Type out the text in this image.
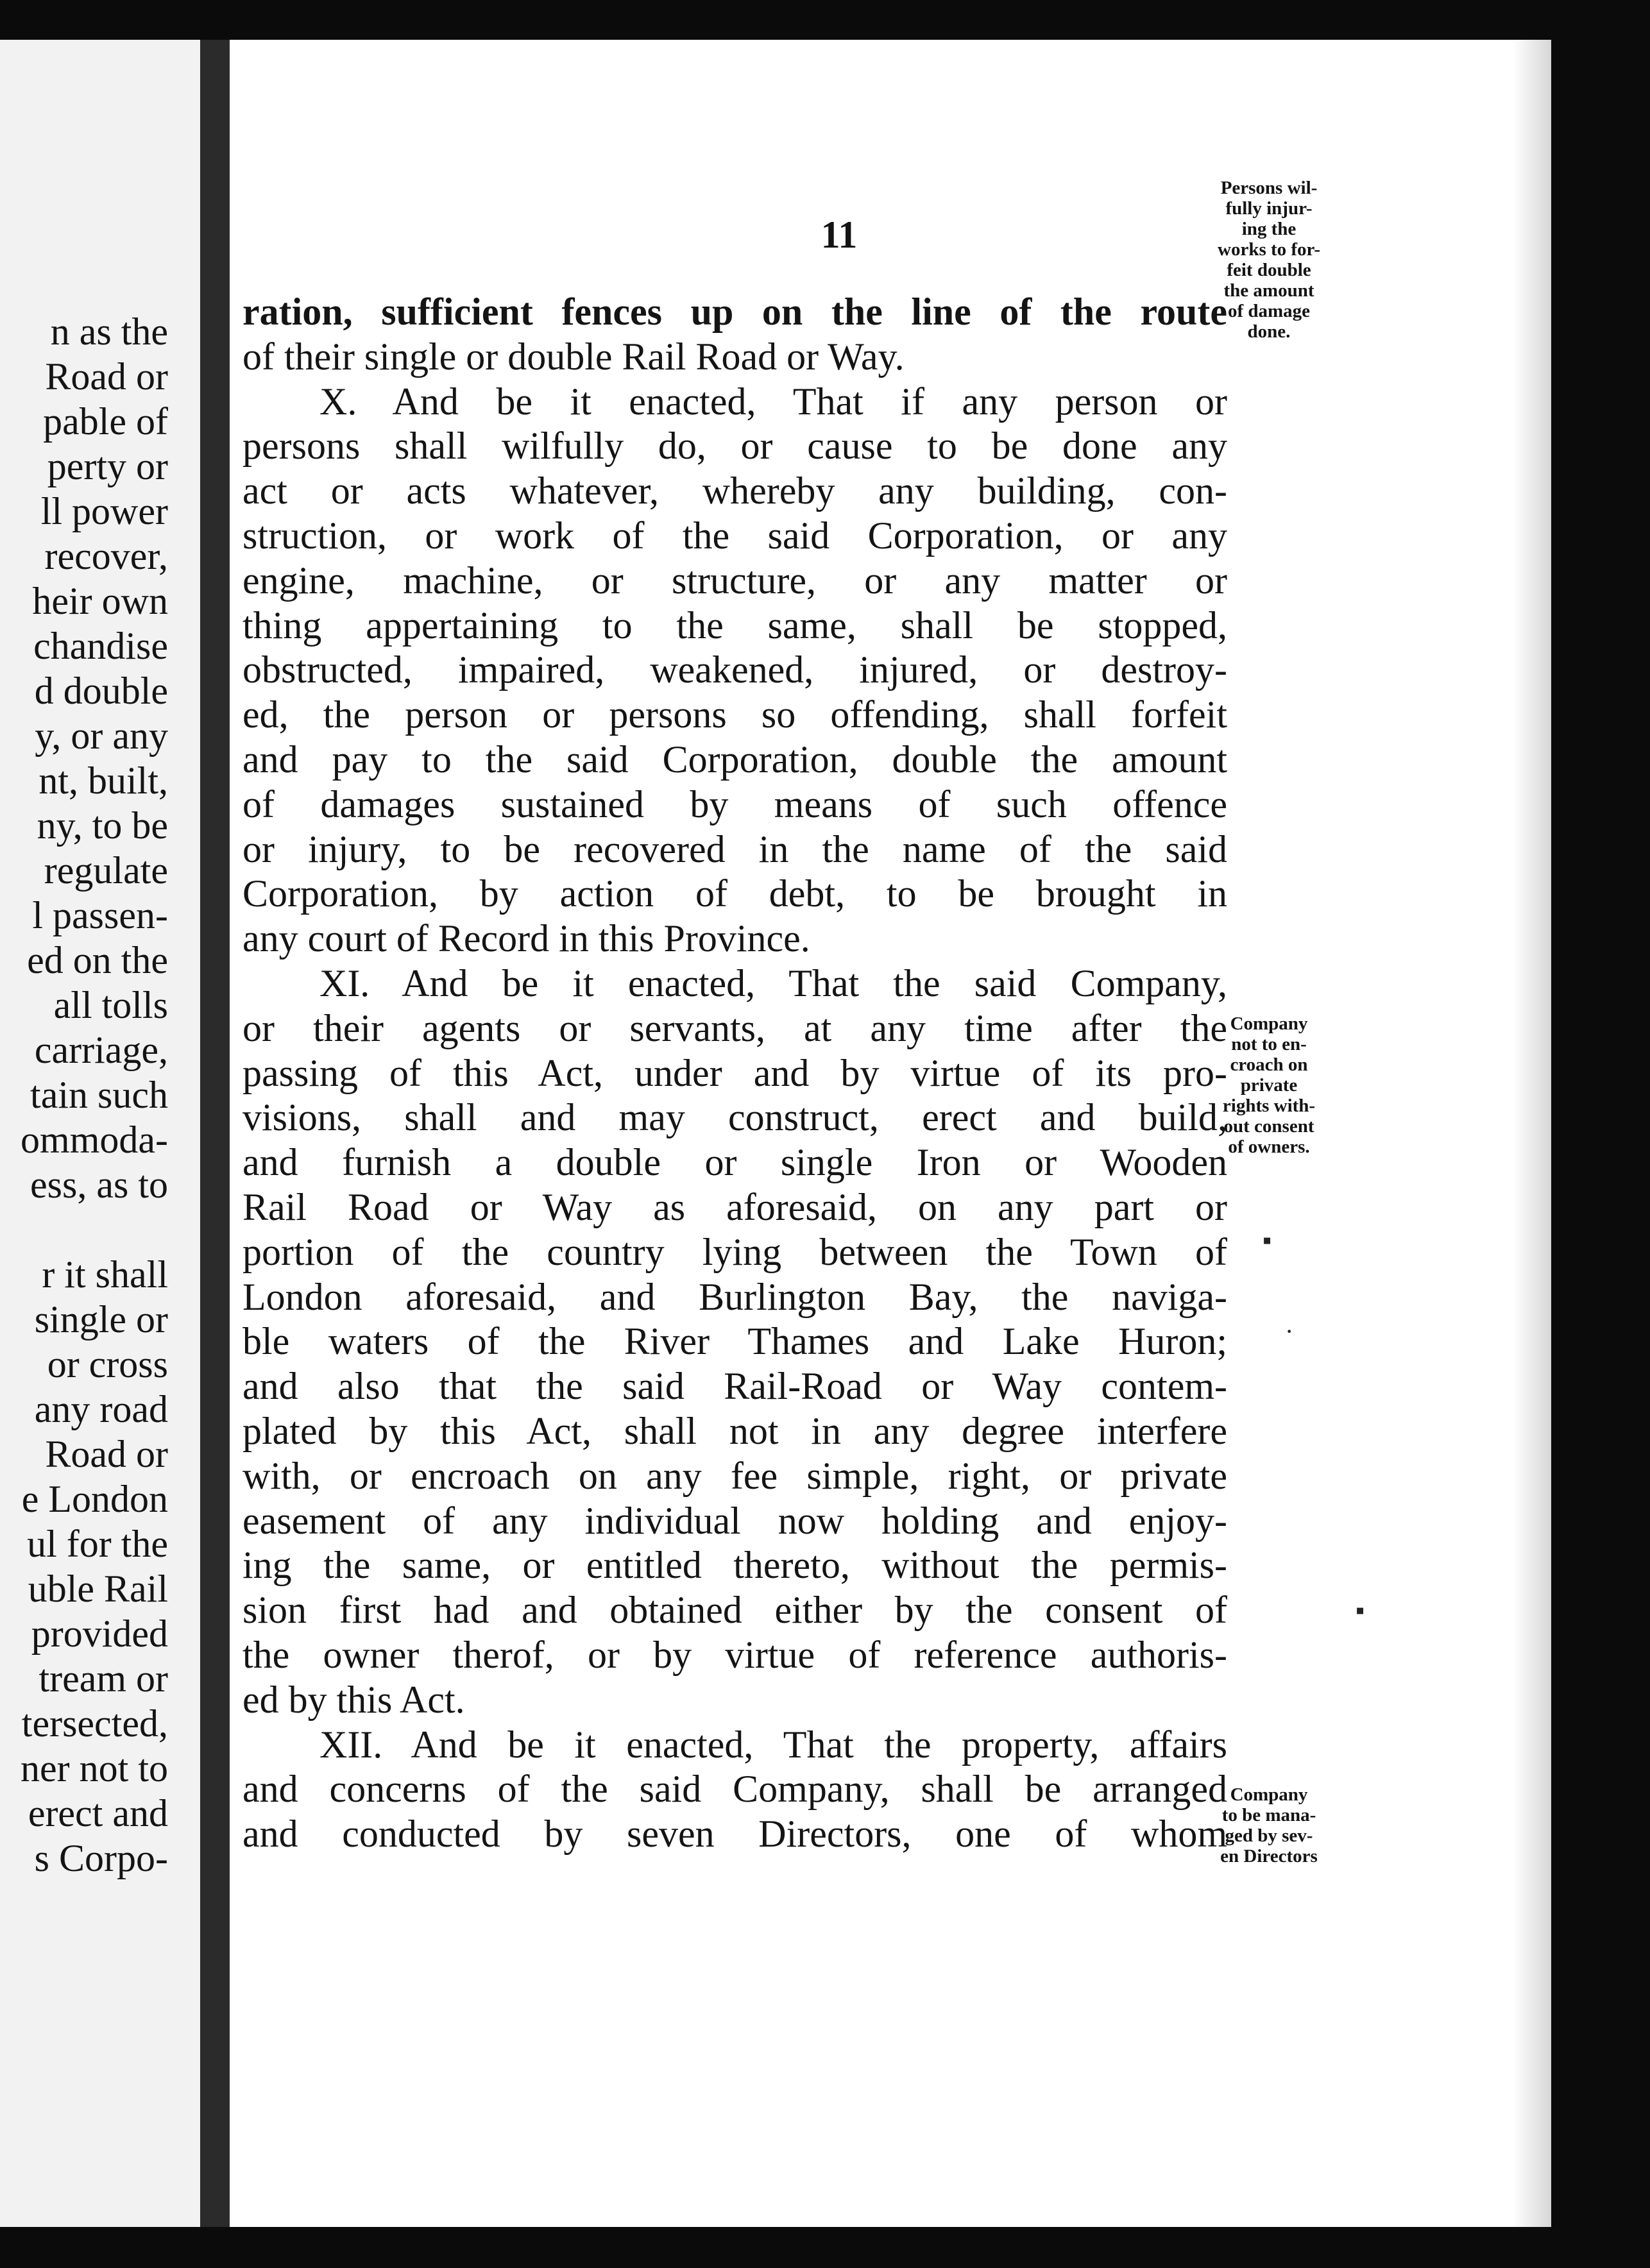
n as the
Road or
pable of
perty or
ll power
recover,
heir own
chandise
d double
y, or any
nt, built,
ny, to be
regulate
l passen-
ed on the
all tolls
carriage,
tain such
ommoda-
ess, as to
r it shall
single or
or cross
any road
Road or
e London
ul for the
uble Rail
provided
tream or
tersected,
ner not to
erect and
s Corpo-
11
ration, sufficient fences up on the line of the route
of their single or double Rail Road or Way.
X. And be it enacted, That if any person or
persons shall wilfully do, or cause to be done any
act or acts whatever, whereby any building, con-
struction, or work of the said Corporation, or any
engine, machine, or structure, or any matter or
thing appertaining to the same, shall be stopped,
obstructed, impaired, weakened, injured, or destroy-
ed, the person or persons so offending, shall forfeit
and pay to the said Corporation, double the amount
of damages sustained by means of such offence
or injury, to be recovered in the name of the said
Corporation, by action of debt, to be brought in
any court of Record in this Province.
XI. And be it enacted, That the said Company,
or their agents or servants, at any time after the
passing of this Act, under and by virtue of its pro-
visions, shall and may construct, erect and build,
and furnish a double or single Iron or Wooden
Rail Road or Way as aforesaid, on any part or
portion of the country lying between the Town of
London aforesaid, and Burlington Bay, the naviga-
ble waters of the River Thames and Lake Huron;
and also that the said Rail-Road or Way contem-
plated by this Act, shall not in any degree interfere
with, or encroach on any fee simple, right, or private
easement of any individual now holding and enjoy-
ing the same, or entitled thereto, without the permis-
sion first had and obtained either by the consent of
the owner therof, or by virtue of reference authoris-
ed by this Act.
XII. And be it enacted, That the property, affairs
and concerns of the said Company, shall be arranged
and conducted by seven Directors, one of whom
Persons wil-
fully injur-
ing the
works to for-
feit double
the amount
of damage
done.
Company
not to en-
croach on
private
rights with-
out consent
of owners.
Company
to be mana-
ged by sev-
en Directors
▪
▪
·
